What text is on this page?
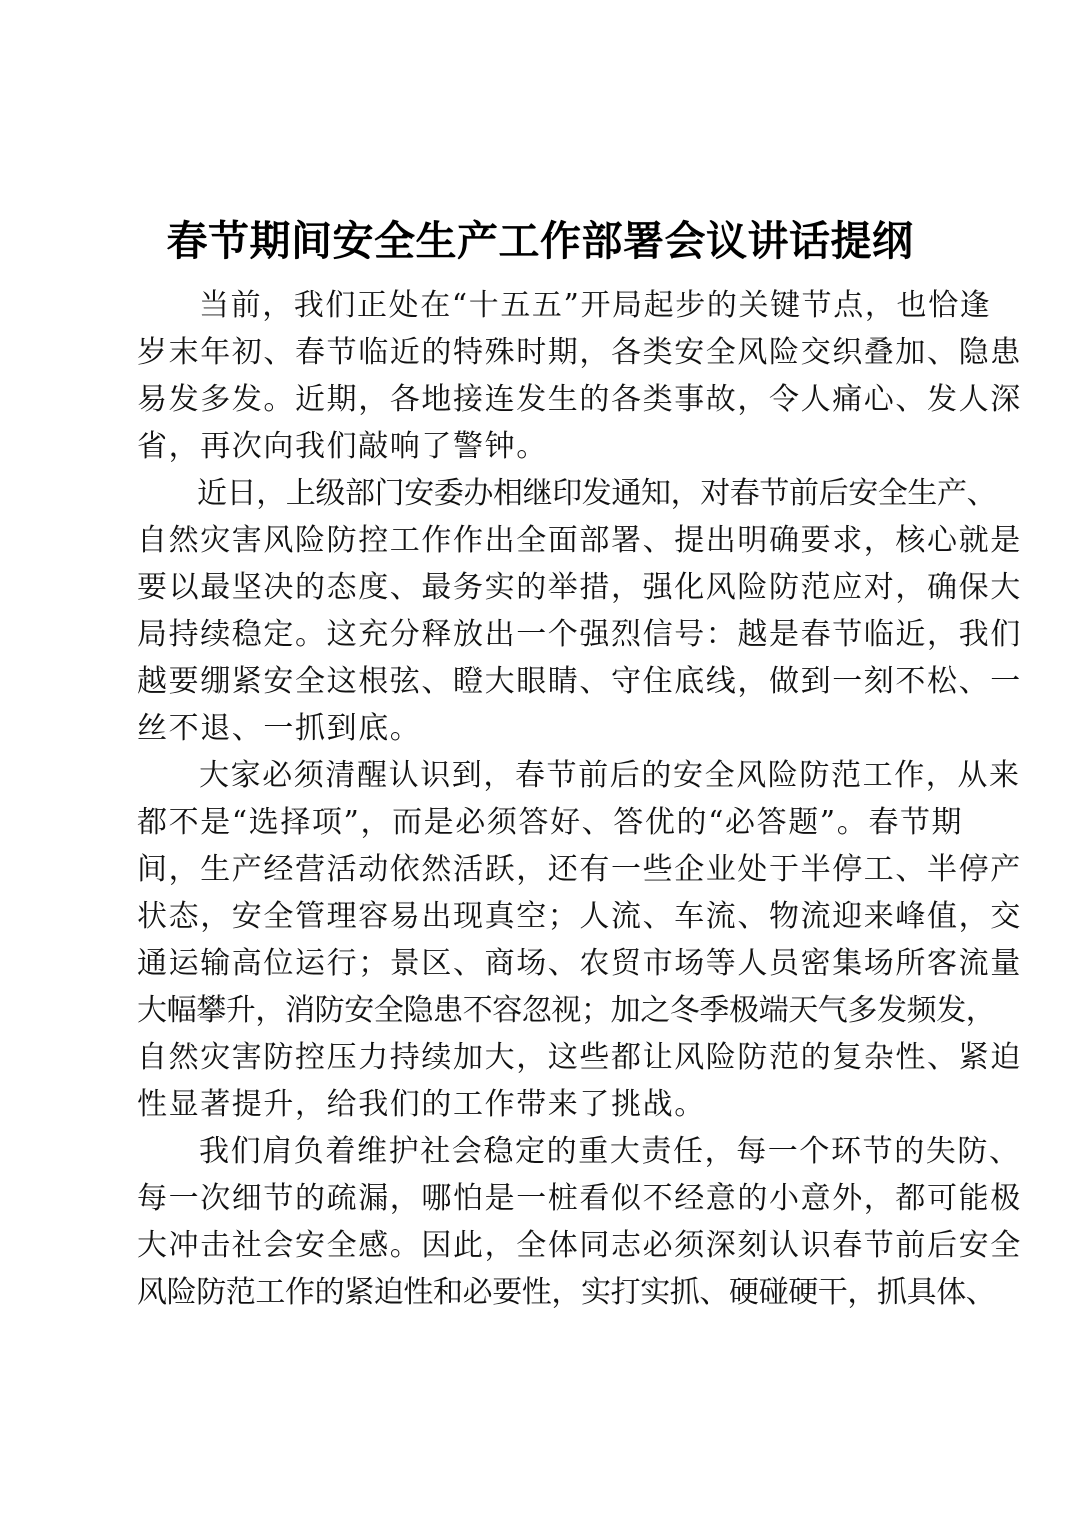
春节期间安全生产工作部署会议讲话提纲
当前，我们正处在“十五五”开局起步的关键节点，也恰逢
岁末年初、春节临近的特殊时期，各类安全风险交织叠加、隐患
易发多发。近期，各地接连发生的各类事故，令人痛心、发人深
省，再次向我们敲响了警钟。
近日，上级部门安委办相继印发通知，对春节前后安全生产、
自然灾害风险防控工作作出全面部署、提出明确要求，核心就是
要以最坚决的态度、最务实的举措，强化风险防范应对，确保大
局持续稳定。这充分释放出一个强烈信号：越是春节临近，我们
越要绷紧安全这根弦、瞪大眼睛、守住底线，做到一刻不松、一
丝不退、一抓到底。
大家必须清醒认识到，春节前后的安全风险防范工作，从来
都不是“选择项”，而是必须答好、答优的“必答题”。春节期
间，生产经营活动依然活跃，还有一些企业处于半停工、半停产
状态，安全管理容易出现真空；人流、车流、物流迎来峰值，交
通运输高位运行；景区、商场、农贸市场等人员密集场所客流量
大幅攀升，消防安全隐患不容忽视；加之冬季极端天气多发频发，
自然灾害防控压力持续加大，这些都让风险防范的复杂性、紧迫
性显著提升，给我们的工作带来了挑战。
我们肩负着维护社会稳定的重大责任，每一个环节的失防、
每一次细节的疏漏，哪怕是一桩看似不经意的小意外，都可能极
大冲击社会安全感。因此，全体同志必须深刻认识春节前后安全
风险防范工作的紧迫性和必要性，实打实抓、硬碰硬干，抓具体、
